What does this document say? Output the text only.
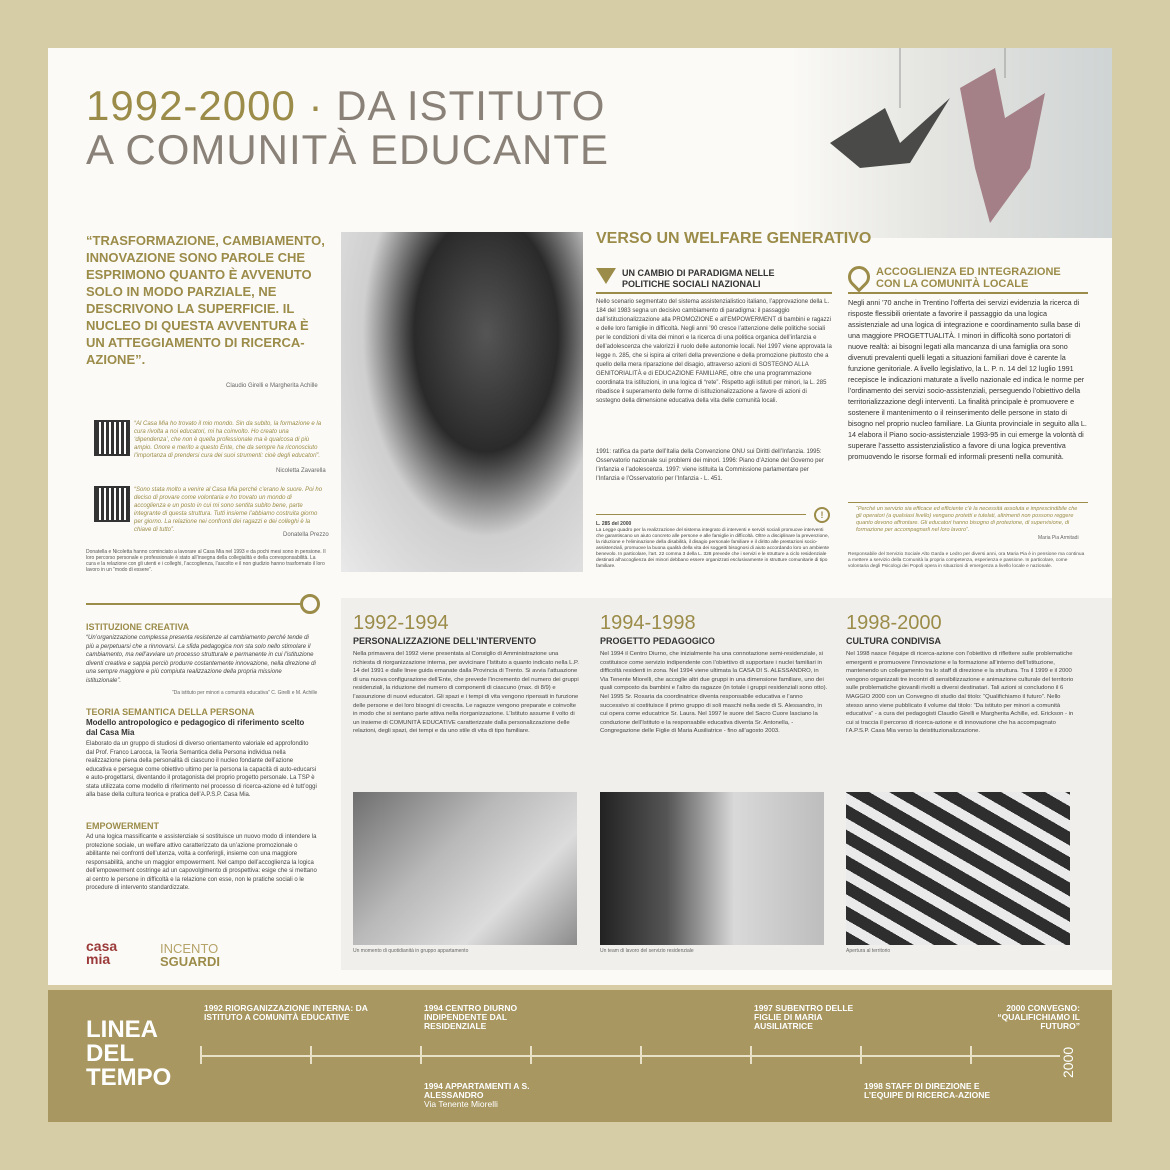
1992-2000 · DA ISTITUTO
A COMUNITÀ EDUCANTE
“TRASFORMAZIONE, CAMBIAMENTO, INNOVAZIONE SONO PAROLE CHE ESPRIMONO QUANTO È AVVENUTO SOLO IN MODO PARZIALE, NE DESCRIVONO LA SUPERFICIE. IL NUCLEO DI QUESTA AVVENTURA È UN ATTEGGIAMENTO DI RICERCA-AZIONE”.
Claudio Girelli e Margherita Achille
“Al Casa Mia ho trovato il mio mondo. Sin da subito, la formazione e la cura rivolta a noi educatori, mi ha coinvolto. Ho creato una ‘dipendenza’, che non è quella professionale ma è qualcosa di più ampio. Onore e merito a questo Ente, che da sempre ha riconosciuto l’importanza di prendersi cura dei suoi strumenti: cioè degli educatori”.
Nicoletta Zavarella
“Sono stata molto a venire al Casa Mia perché c’erano le suore. Poi ho deciso di provare come volontaria e ho trovato un mondo di accoglienza e un posto in cui mi sono sentita subito bene, parte integrante di questa struttura. Tutti insieme l’abbiamo costruita giorno per giorno. La relazione nei confronti dei ragazzi e dei colleghi è la chiave di tutto”.
Donatella Prezzo
Donatella e Nicoletta hanno cominciato a lavorare al Casa Mia nel 1993 e da pochi mesi sono in pensione. Il loro percorso personale e professionale è stato all’insegna della collegialità e della corresponsabilità. La cura e la relazione con gli utenti e i colleghi, l’accoglienza, l’ascolto e il non giudizio hanno trasformato il loro lavoro in un “modo di essere”.
VERSO UN WELFARE GENERATIVO
UN CAMBIO DI PARADIGMA NELLE POLITICHE SOCIALI NAZIONALI
Nello scenario segmentato del sistema assistenzialistico italiano, l’approvazione della L. 184 del 1983 segna un decisivo cambiamento di paradigma: il passaggio dall’istituzionalizzazione alla PROMOZIONE e all’EMPOWERMENT di bambini e ragazzi e delle loro famiglie in difficoltà. Negli anni ’90 cresce l’attenzione delle politiche sociali per le condizioni di vita dei minori e la ricerca di una politica organica dell’infanzia e dell’adolescenza che valorizzi il ruolo delle autonomie locali. Nel 1997 viene approvata la legge n. 285, che si ispira ai criteri della prevenzione e della promozione piuttosto che a quello della mera riparazione del disagio, attraverso azioni di SOSTEGNO ALLA GENITORIALITÀ e di EDUCAZIONE FAMILIARE, oltre che una programmazione coordinata tra istituzioni, in una logica di “rete”. Rispetto agli istituti per minori, la L. 285 ribadisce il superamento delle forme di istituzionalizzazione a favore di azioni di sostegno della dimensione educativa della vita delle comunità locali.
1991: ratifica da parte dell’Italia della Convenzione ONU sui Diritti dell’Infanzia. 1995: Osservatorio nazionale sui problemi dei minori. 1996: Piano d’Azione del Governo per l’infanzia e l’adolescenza. 1997: viene istituita la Commissione parlamentare per l’Infanzia e l’Osservatorio per l’Infanzia - L. 451.
!
L. 285 del 2000
La Legge quadro per la realizzazione del sistema integrato di interventi e servizi sociali promuove interventi che garantiscano un aiuto concreto alle persone e alle famiglie in difficoltà. Oltre a disciplinare la prevenzione, la riduzione e l’eliminazione della disabilità, il disagio personale familiare e il diritto alle prestazioni socio-assistenziali, promuove la buona qualità della vita dei soggetti bisognosi di aiuto accordando loro un ambiente benevolo. In particolare, l’art. 22 comma 3 della L. 328 prevede che i servizi e le strutture a ciclo residenziale destinati all’accoglienza dei minori debbano essere organizzati esclusivamente in strutture comunitarie di tipo familiare.
ACCOGLIENZA ED INTEGRAZIONE CON LA COMUNITÀ LOCALE
Negli anni ’70 anche in Trentino l’offerta dei servizi evidenzia la ricerca di risposte flessibili orientate a favorire il passaggio da una logica assistenziale ad una logica di integrazione e coordinamento sulla base di una maggiore PROGETTUALITÀ. I minori in difficoltà sono portatori di nuove realtà: ai bisogni legati alla mancanza di una famiglia ora sono divenuti prevalenti quelli legati a situazioni familiari dove è carente la funzione genitoriale. A livello legislativo, la L. P. n. 14 del 12 luglio 1991 recepisce le indicazioni maturate a livello nazionale ed indica le norme per l’ordinamento dei servizi socio-assistenziali, perseguendo l’obiettivo della territorializzazione degli interventi. La finalità principale è promuovere e sostenere il mantenimento o il reinserimento delle persone in stato di bisogno nel proprio nucleo familiare. La Giunta provinciale in seguito alla L. 14 elabora il Piano socio-assistenziale 1993-95 in cui emerge la volontà di superare l’assetto assistenzialistico a favore di una logica preventiva promuovendo le risorse formali ed informali presenti nella comunità.
“Perché un servizio sia efficace ed efficiente c’è la necessità assoluta e imprescindibile che gli operatori (a qualsiasi livello) vengano protetti e tutelati, altrimenti non possono reggere quanto devono affrontare. Gli educatori hanno bisogno di protezione, di supervisione, di formazione per accompagnarli nel loro lavoro”.
Maria Pia Armitadi
Responsabile del Servizio Sociale Alto Garda e Ledro per diversi anni, ora Maria Pia è in pensione ma continua a mettere a servizio della Comunità la propria competenza, esperienza e passione. In particolare, come volontaria degli Psicologi dei Popoli opera in situazioni di emergenza a livello locale e nazionale.
ISTITUZIONE CREATIVA
“Un’organizzazione complessa presenta resistenze al cambiamento perché tende di più a perpetuarsi che a rinnovarsi. La sfida pedagogica non sta solo nello stimolare il cambiamento, ma nell’avviare un processo strutturale e permanente in cui l’istituzione diventi creativa e sappia perciò produrre costantemente innovazione, nella direzione di una sempre maggiore e più compiuta realizzazione della propria missione istituzionale”.
“Da istituto per minori a comunità educativa” C. Girelli e M. Achille
TEORIA SEMANTICA DELLA PERSONA
Modello antropologico e pedagogico di riferimento scelto dal Casa Mia
Elaborato da un gruppo di studiosi di diverso orientamento valoriale ed approfondito dal Prof. Franco Larocca, la Teoria Semantica della Persona individua nella realizzazione piena della personalità di ciascuno il nucleo fondante dell’azione educativa e persegue come obiettivo ultimo per la persona la capacità di auto-educarsi e auto-progettarsi, diventando il protagonista del proprio progetto personale. La TSP è stata utilizzata come modello di riferimento nel processo di ricerca-azione ed è tutt’oggi alla base della cultura teorica e pratica dell’A.P.S.P. Casa Mia.
EMPOWERMENT
Ad una logica massificante e assistenziale si sostituisce un nuovo modo di intendere la protezione sociale, un welfare attivo caratterizzato da un’azione promozionale o abilitante nei confronti dell’utenza, volta a conferirgli, insieme con una maggiore responsabilità, anche un maggior empowerment. Nel campo dell’accoglienza la logica dell’empowerment costringe ad un capovolgimento di prospettiva: esige che si mettano al centro le persone in difficoltà e la relazione con esse, non le pratiche sociali o le procedure di intervento standardizzate.
casa
mia
INCENTO
SGUARDI
1992-1994
PERSONALIZZAZIONE DELL’INTERVENTO
Nella primavera del 1992 viene presentata al Consiglio di Amministrazione una richiesta di riorganizzazione interna, per avvicinare l’Istituto a quanto indicato nella L.P. 14 del 1991 e dalle linee guida emanate dalla Provincia di Trento. Si avvia l’attuazione di una nuova configurazione dell’Ente, che prevede l’incremento del numero dei gruppi residenziali, la riduzione del numero di componenti di ciascuno (max. di 8/9) e l’assunzione di nuovi educatori. Gli spazi e i tempi di vita vengono ripensati in funzione delle persone e dei loro bisogni di crescita. Le ragazze vengono preparate e coinvolte in modo che si sentano parte attiva nella riorganizzazione. L’Istituto assume il volto di un insieme di COMUNITÀ EDUCATIVE caratterizzate dalla personalizzazione delle relazioni, degli spazi, dei tempi e da uno stile di vita di tipo familiare.
Un momento di quotidianità in gruppo appartamento
1994-1998
PROGETTO PEDAGOGICO
Nel 1994 il Centro Diurno, che inizialmente ha una connotazione semi-residenziale, si costituisce come servizio indipendente con l’obiettivo di supportare i nuclei familiari in difficoltà residenti in zona. Nel 1994 viene ultimata la CASA DI S. ALESSANDRO, in Via Tenente Miorelli, che accoglie altri due gruppi in una dimensione familiare, uno dei quali composto da bambini e l’altro da ragazze (in totale i gruppi residenziali sono otto). Nel 1995 Sr. Rosaria da coordinatrice diventa responsabile educativa e l’anno successivo si costituisce il primo gruppo di soli maschi nella sede di S. Alessandro, in cui opera come educatrice Sr. Laura. Nel 1997 le suore del Sacro Cuore lasciano la conduzione dell’Istituto e la responsabile educativa diventa Sr. Antonella, - Congregazione delle Figlie di Maria Ausiliatrice - fino all’agosto 2003.
Un team di lavoro del servizio residenziale
1998-2000
CULTURA CONDIVISA
Nel 1998 nasce l’équipe di ricerca-azione con l’obiettivo di riflettere sulle problematiche emergenti e promuovere l’innovazione e la formazione all’interno dell’Istituzione, mantenendo un collegamento tra lo staff di direzione e la struttura. Tra il 1999 e il 2000 vengono organizzati tre incontri di sensibilizzazione e animazione culturale del territorio sulle problematiche giovanili rivolti a diversi destinatari. Tali azioni si concludono il 6 MAGGIO 2000 con un Convegno di studio dal titolo: “Qualifichiamo il futuro”. Nello stesso anno viene pubblicato il volume dal titolo: “Da istituto per minori a comunità educativa” - a cura dei pedagogisti Claudio Girelli e Margherita Achille, ed. Erickson - in cui si traccia il percorso di ricerca-azione e di innovazione che ha accompagnato l’A.P.S.P. Casa Mia verso la deistituzionalizzazione.
Apertura al territorio
LINEA
DEL
TEMPO
1992 RIORGANIZZAZIONE INTERNA: DA ISTITUTO A COMUNITÀ EDUCATIVE
1994 CENTRO DIURNO INDIPENDENTE DAL RESIDENZIALE
1997 SUBENTRO DELLE FIGLIE DI MARIA AUSILIATRICE
2000 CONVEGNO: “QUALIFICHIAMO IL FUTURO”
1994 APPARTAMENTI A S. ALESSANDRO
Via Tenente Miorelli
1998 STAFF DI DIREZIONE E L’EQUIPE DI RICERCA-AZIONE
2000
